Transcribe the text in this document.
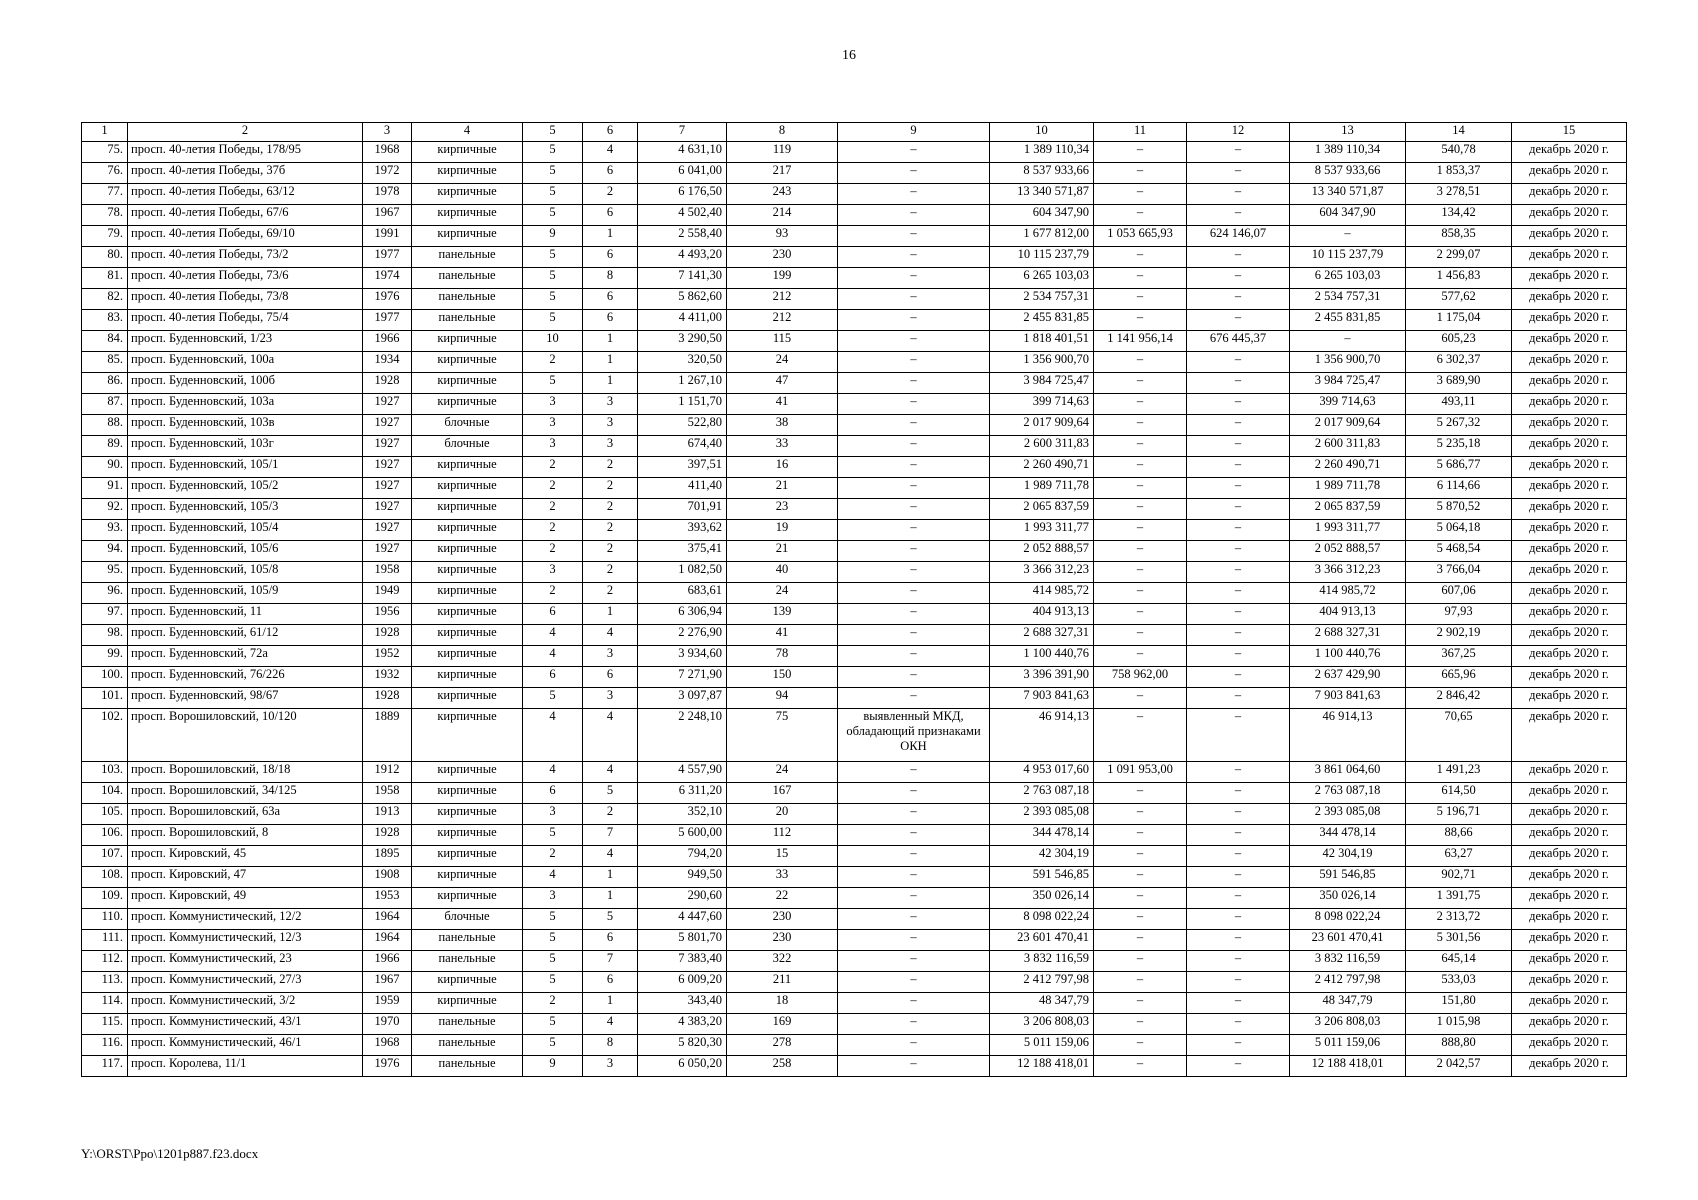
16
1	2	3	4	5	6	7	8	9	10	11	12	13	14	15
75.	просп. 40-летия Победы, 178/95	1968	кирпичные	5	4	4 631,10	119	–	1 389 110,34	–	–	1 389 110,34	540,78	декабрь 2020 г.
76.	просп. 40-летия Победы, 37б	1972	кирпичные	5	6	6 041,00	217	–	8 537 933,66	–	–	8 537 933,66	1 853,37	декабрь 2020 г.
77.	просп. 40-летия Победы, 63/12	1978	кирпичные	5	2	6 176,50	243	–	13 340 571,87	–	–	13 340 571,87	3 278,51	декабрь 2020 г.
78.	просп. 40-летия Победы, 67/6	1967	кирпичные	5	6	4 502,40	214	–	604 347,90	–	–	604 347,90	134,42	декабрь 2020 г.
79.	просп. 40-летия Победы, 69/10	1991	кирпичные	9	1	2 558,40	93	–	1 677 812,00	1 053 665,93	624 146,07	–	858,35	декабрь 2020 г.
80.	просп. 40-летия Победы, 73/2	1977	панельные	5	6	4 493,20	230	–	10 115 237,79	–	–	10 115 237,79	2 299,07	декабрь 2020 г.
81.	просп. 40-летия Победы, 73/6	1974	панельные	5	8	7 141,30	199	–	6 265 103,03	–	–	6 265 103,03	1 456,83	декабрь 2020 г.
82.	просп. 40-летия Победы, 73/8	1976	панельные	5	6	5 862,60	212	–	2 534 757,31	–	–	2 534 757,31	577,62	декабрь 2020 г.
83.	просп. 40-летия Победы, 75/4	1977	панельные	5	6	4 411,00	212	–	2 455 831,85	–	–	2 455 831,85	1 175,04	декабрь 2020 г.
84.	просп. Буденновский, 1/23	1966	кирпичные	10	1	3 290,50	115	–	1 818 401,51	1 141 956,14	676 445,37	–	605,23	декабрь 2020 г.
85.	просп. Буденновский, 100а	1934	кирпичные	2	1	320,50	24	–	1 356 900,70	–	–	1 356 900,70	6 302,37	декабрь 2020 г.
86.	просп. Буденновский, 100б	1928	кирпичные	5	1	1 267,10	47	–	3 984 725,47	–	–	3 984 725,47	3 689,90	декабрь 2020 г.
87.	просп. Буденновский, 103а	1927	кирпичные	3	3	1 151,70	41	–	399 714,63	–	–	399 714,63	493,11	декабрь 2020 г.
88.	просп. Буденновский, 103в	1927	блочные	3	3	522,80	38	–	2 017 909,64	–	–	2 017 909,64	5 267,32	декабрь 2020 г.
89.	просп. Буденновский, 103г	1927	блочные	3	3	674,40	33	–	2 600 311,83	–	–	2 600 311,83	5 235,18	декабрь 2020 г.
90.	просп. Буденновский, 105/1	1927	кирпичные	2	2	397,51	16	–	2 260 490,71	–	–	2 260 490,71	5 686,77	декабрь 2020 г.
91.	просп. Буденновский, 105/2	1927	кирпичные	2	2	411,40	21	–	1 989 711,78	–	–	1 989 711,78	6 114,66	декабрь 2020 г.
92.	просп. Буденновский, 105/3	1927	кирпичные	2	2	701,91	23	–	2 065 837,59	–	–	2 065 837,59	5 870,52	декабрь 2020 г.
93.	просп. Буденновский, 105/4	1927	кирпичные	2	2	393,62	19	–	1 993 311,77	–	–	1 993 311,77	5 064,18	декабрь 2020 г.
94.	просп. Буденновский, 105/6	1927	кирпичные	2	2	375,41	21	–	2 052 888,57	–	–	2 052 888,57	5 468,54	декабрь 2020 г.
95.	просп. Буденновский, 105/8	1958	кирпичные	3	2	1 082,50	40	–	3 366 312,23	–	–	3 366 312,23	3 766,04	декабрь 2020 г.
96.	просп. Буденновский, 105/9	1949	кирпичные	2	2	683,61	24	–	414 985,72	–	–	414 985,72	607,06	декабрь 2020 г.
97.	просп. Буденновский, 11	1956	кирпичные	6	1	6 306,94	139	–	404 913,13	–	–	404 913,13	97,93	декабрь 2020 г.
98.	просп. Буденновский, 61/12	1928	кирпичные	4	4	2 276,90	41	–	2 688 327,31	–	–	2 688 327,31	2 902,19	декабрь 2020 г.
99.	просп. Буденновский, 72а	1952	кирпичные	4	3	3 934,60	78	–	1 100 440,76	–	–	1 100 440,76	367,25	декабрь 2020 г.
100.	просп. Буденновский, 76/226	1932	кирпичные	6	6	7 271,90	150	–	3 396 391,90	758 962,00	–	2 637 429,90	665,96	декабрь 2020 г.
101.	просп. Буденновский, 98/67	1928	кирпичные	5	3	3 097,87	94	–	7 903 841,63	–	–	7 903 841,63	2 846,42	декабрь 2020 г.
102.	просп. Ворошиловский, 10/120	1889	кирпичные	4	4	2 248,10	75	выявленный МКД, обладающий признаками ОКН	46 914,13	–	–	46 914,13	70,65	декабрь 2020 г.
103.	просп. Ворошиловский, 18/18	1912	кирпичные	4	4	4 557,90	24	–	4 953 017,60	1 091 953,00	–	3 861 064,60	1 491,23	декабрь 2020 г.
104.	просп. Ворошиловский, 34/125	1958	кирпичные	6	5	6 311,20	167	–	2 763 087,18	–	–	2 763 087,18	614,50	декабрь 2020 г.
105.	просп. Ворошиловский, 63а	1913	кирпичные	3	2	352,10	20	–	2 393 085,08	–	–	2 393 085,08	5 196,71	декабрь 2020 г.
106.	просп. Ворошиловский, 8	1928	кирпичные	5	7	5 600,00	112	–	344 478,14	–	–	344 478,14	88,66	декабрь 2020 г.
107.	просп. Кировский, 45	1895	кирпичные	2	4	794,20	15	–	42 304,19	–	–	42 304,19	63,27	декабрь 2020 г.
108.	просп. Кировский, 47	1908	кирпичные	4	1	949,50	33	–	591 546,85	–	–	591 546,85	902,71	декабрь 2020 г.
109.	просп. Кировский, 49	1953	кирпичные	3	1	290,60	22	–	350 026,14	–	–	350 026,14	1 391,75	декабрь 2020 г.
110.	просп. Коммунистический, 12/2	1964	блочные	5	5	4 447,60	230	–	8 098 022,24	–	–	8 098 022,24	2 313,72	декабрь 2020 г.
111.	просп. Коммунистический, 12/3	1964	панельные	5	6	5 801,70	230	–	23 601 470,41	–	–	23 601 470,41	5 301,56	декабрь 2020 г.
112.	просп. Коммунистический, 23	1966	панельные	5	7	7 383,40	322	–	3 832 116,59	–	–	3 832 116,59	645,14	декабрь 2020 г.
113.	просп. Коммунистический, 27/3	1967	кирпичные	5	6	6 009,20	211	–	2 412 797,98	–	–	2 412 797,98	533,03	декабрь 2020 г.
114.	просп. Коммунистический, 3/2	1959	кирпичные	2	1	343,40	18	–	48 347,79	–	–	48 347,79	151,80	декабрь 2020 г.
115.	просп. Коммунистический, 43/1	1970	панельные	5	4	4 383,20	169	–	3 206 808,03	–	–	3 206 808,03	1 015,98	декабрь 2020 г.
116.	просп. Коммунистический, 46/1	1968	панельные	5	8	5 820,30	278	–	5 011 159,06	–	–	5 011 159,06	888,80	декабрь 2020 г.
117.	просп. Королева, 11/1	1976	панельные	9	3	6 050,20	258	–	12 188 418,01	–	–	12 188 418,01	2 042,57	декабрь 2020 г.
Y:\ORST\Ppo\1201p887.f23.docx
